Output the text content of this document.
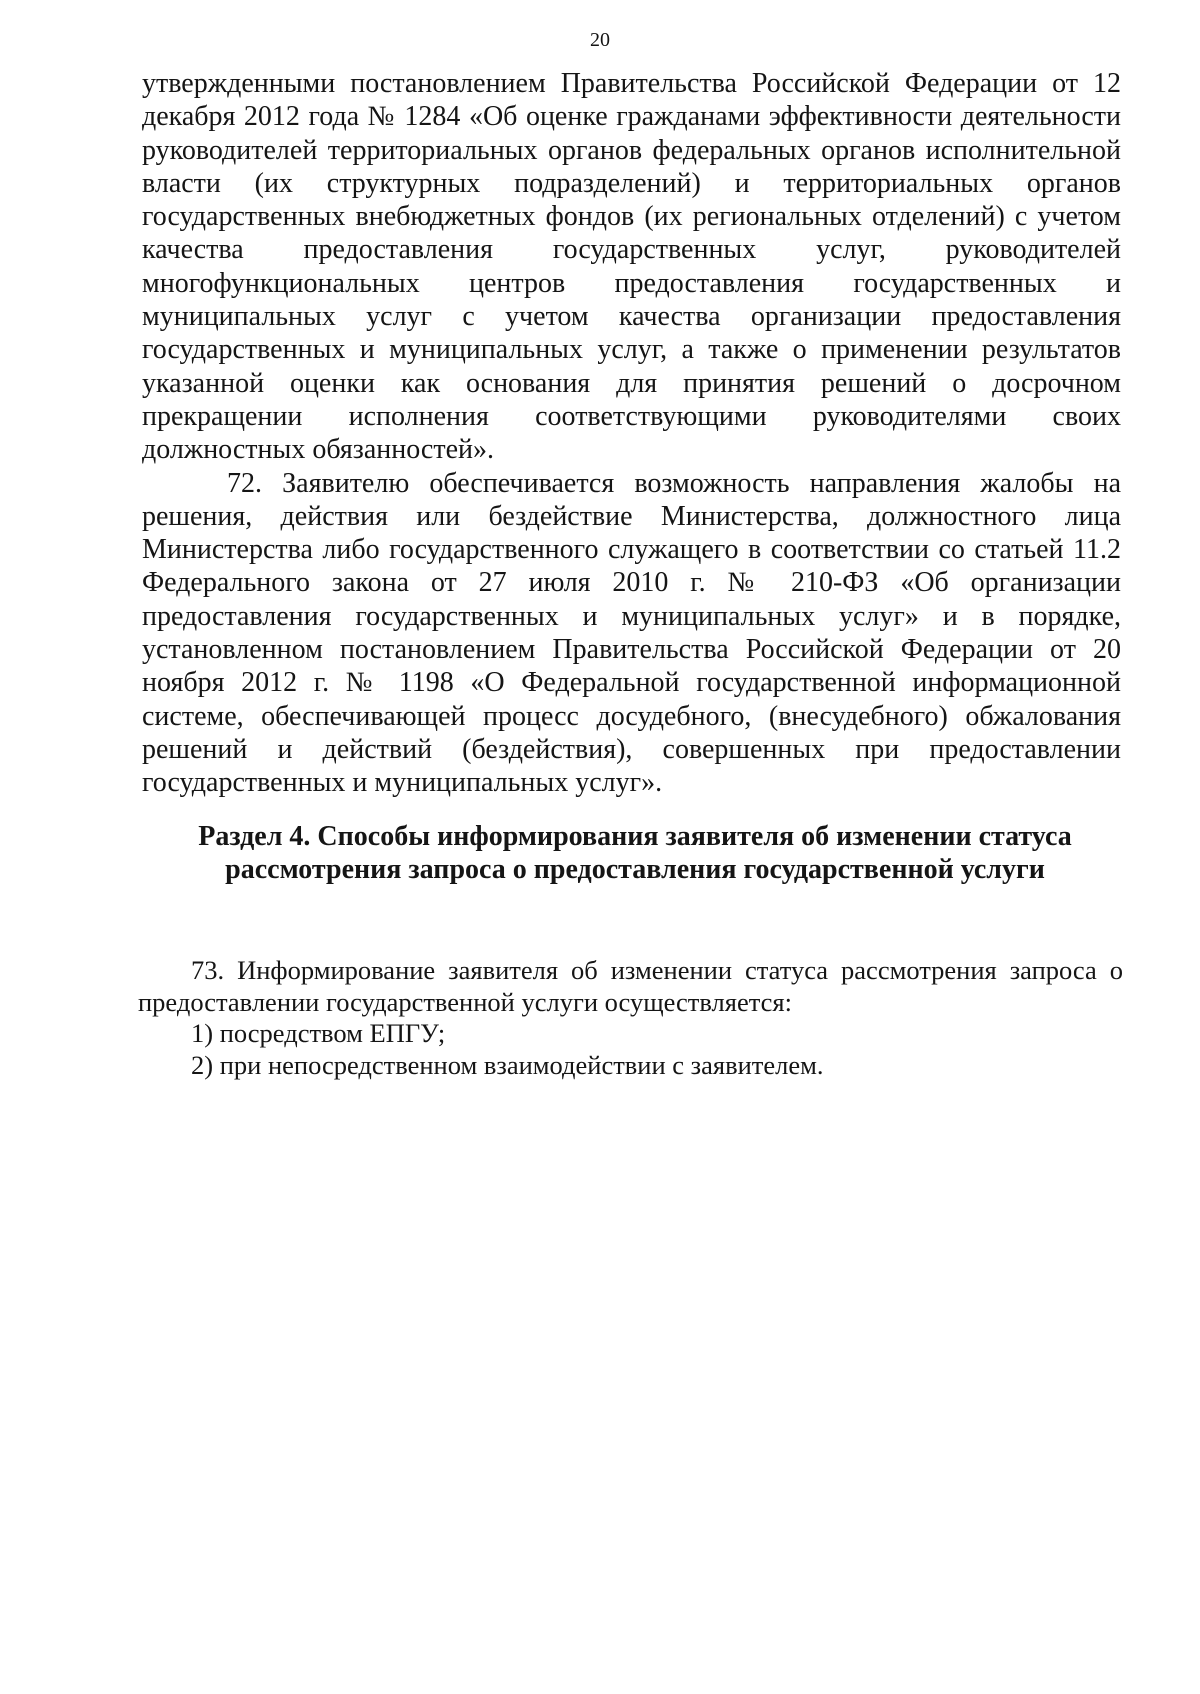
20

утвержденными постановлением Правительства Российской Федерации от 12 декабря 2012 года № 1284 «Об оценке гражданами эффективности деятельности руководителей территориальных органов федеральных органов исполнительной власти (их структурных подразделений) и территориальных органов государственных внебюджетных фондов (их региональных отделений) с учетом качества предоставления государственных услуг, руководителей многофункциональных центров предоставления государственных и муниципальных услуг с учетом качества организации предоставления государственных и муниципальных услуг, а также о применении результатов указанной оценки как основания для принятия решений о досрочном прекращении исполнения соответствующими руководителями своих должностных обязанностей».

72. Заявителю обеспечивается возможность направления жалобы на решения, действия или бездействие Министерства, должностного лица Министерства либо государственного служащего в соответствии со статьей 11.2 Федерального закона от 27 июля 2010 г. № 210-ФЗ «Об организации предоставления государственных и муниципальных услуг» и в порядке, установленном постановлением Правительства Российской Федерации от 20 ноября 2012 г. № 1198 «О Федеральной государственной информационной системе, обеспечивающей процесс досудебного, (внесудебного) обжалования решений и действий (бездействия), совершенных при предоставлении государственных и муниципальных услуг».

Раздел 4. Способы информирования заявителя об изменении статуса
рассмотрения запроса о предоставления государственной услуги

73. Информирование заявителя об изменении статуса рассмотрения запроса о предоставлении государственной услуги осуществляется:

1) посредством ЕПГУ;

2) при непосредственном взаимодействии с заявителем.
